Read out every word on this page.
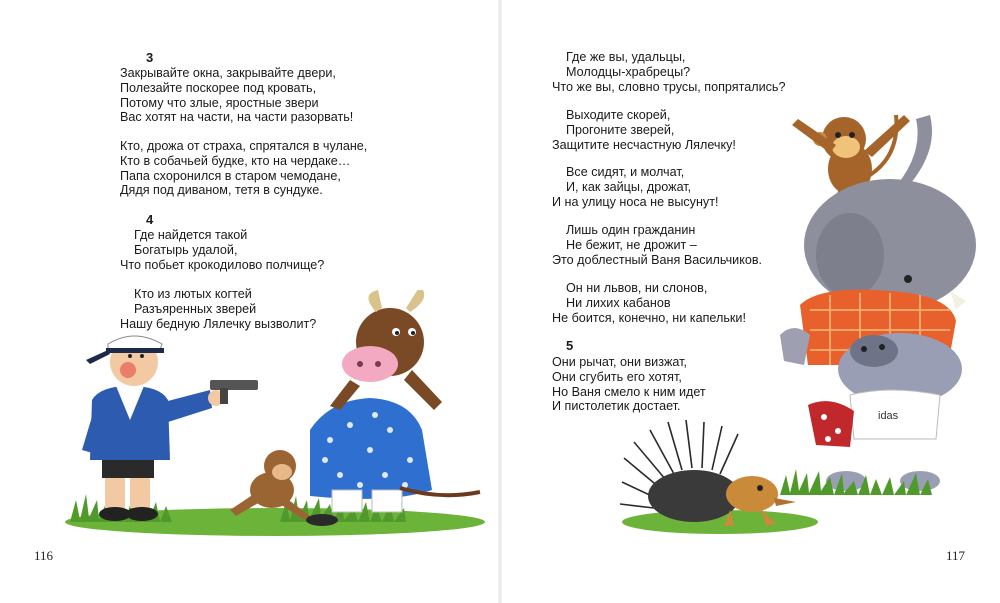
3
Закрывайте окна, закрывайте двери,
Полезайте поскорее под кровать,
Потому что злые, яростные звери
Вас хотят на части, на части разорвать!
Кто, дрожа от страха, спрятался в чулане,
Кто в собачьей будке, кто на чердаке…
Папа схоронился в старом чемодане,
Дядя под диваном, тетя в сундуке.
4
Где найдется такой
Богатырь удалой,
Что побьет крокодилово полчище?
Кто из лютых когтей
Разъяренных зверей
Нашу бедную Лялечку вызволит?
116
Где же вы, удальцы,
Молодцы-храбрецы?
Что же вы, словно трусы, попрятались?
Выходите скорей,
Прогоните зверей,
Защитите несчастную Лялечку!
Все сидят, и молчат,
И, как зайцы, дрожат,
И на улицу носа не высунут!
Лишь один гражданин
Не бежит, не дрожит –
Это доблестный Ваня Васильчиков.
Он ни львов, ни слонов,
Ни лихих кабанов
Не боится, конечно, ни капельки!
5
Они рычат, они визжат,
Они сгубить его хотят,
Но Ваня смело к ним идет
И пистолетик достает.
idas
117
